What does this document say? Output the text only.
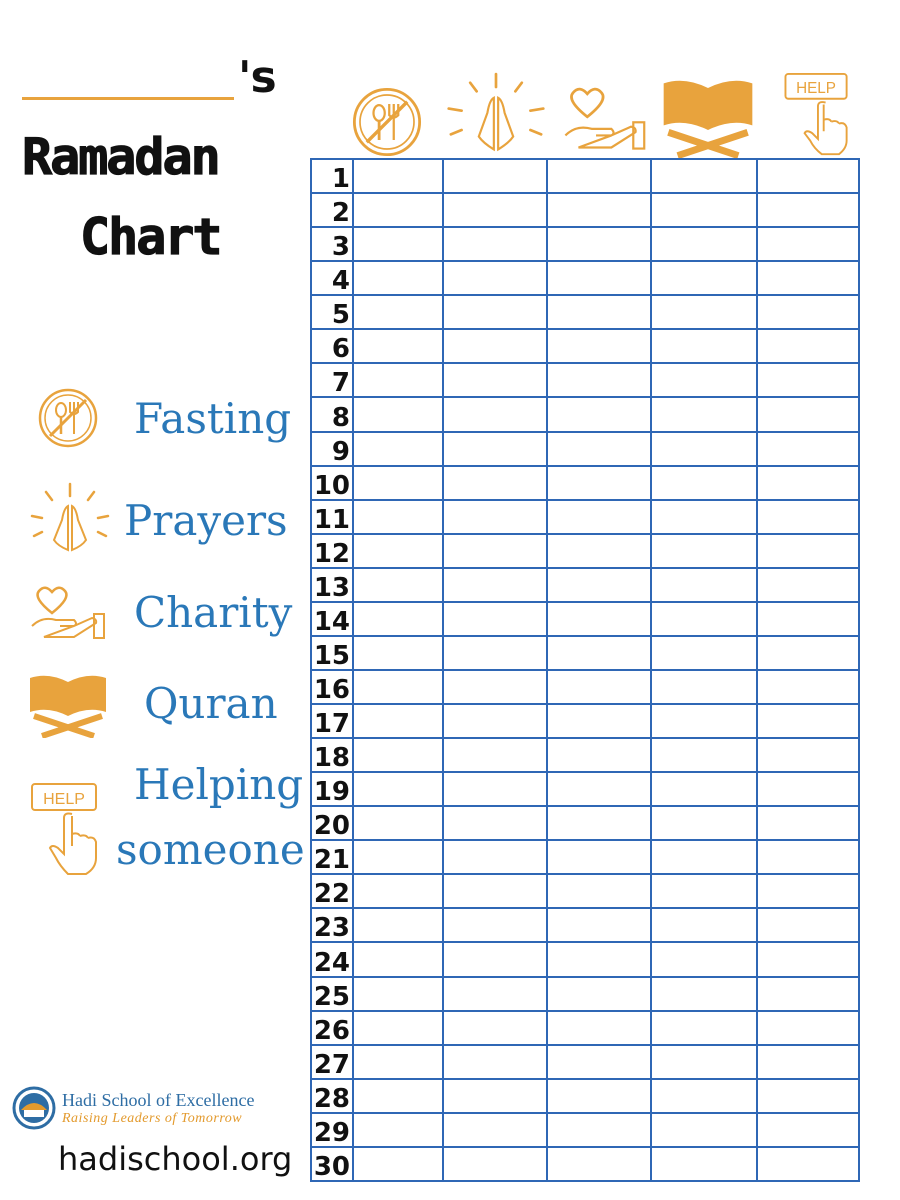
's
Ramadan
Chart
Fasting
Prayers
Charity
Quran
HELP Helping
someone
Hadi School of Excellence
Raising Leaders of Tomorrow
hadischool.org
HELP
1					
2					
3					
4					
5					
6					
7					
8					
9					
10					
11					
12					
13					
14					
15					
16					
17					
18					
19					
20					
21					
22					
23					
24					
25					
26					
27					
28					
29					
30					
